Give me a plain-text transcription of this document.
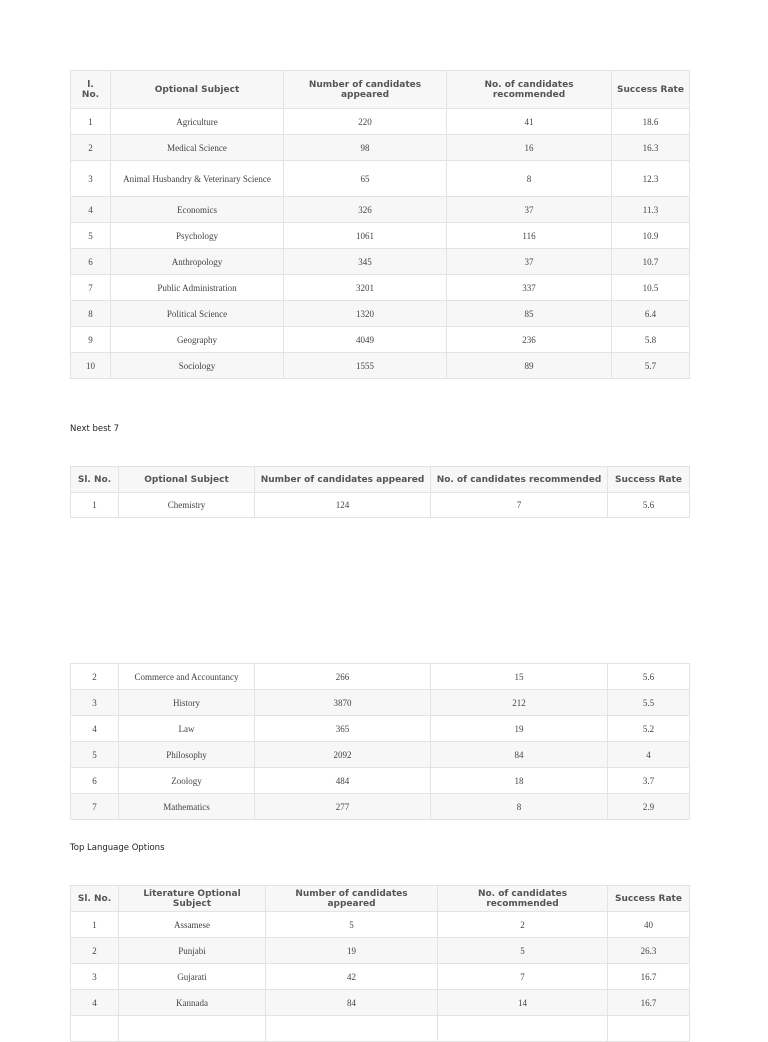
l.
No.	Optional Subject	Number of candidates appeared	No. of candidates recommended	Success Rate
1	Agriculture	220	41	18.6
2	Medical Science	98	16	16.3
3	Animal Husbandry & Veterinary Science	65	8	12.3
4	Economics	326	37	11.3
5	Psychology	1061	116	10.9
6	Anthropology	345	37	10.7
7	Public Administration	3201	337	10.5
8	Political Science	1320	85	6.4
9	Geography	4049	236	5.8
10	Sociology	1555	89	5.7
Next best 7
Sl. No.	Optional Subject	Number of candidates appeared	No. of candidates recommended	Success Rate
1	Chemistry	124	7	5.6
2	Commerce and Accountancy	266	15	5.6
3	History	3870	212	5.5
4	Law	365	19	5.2
5	Philosophy	2092	84	4
6	Zoology	484	18	3.7
7	Mathematics	277	8	2.9
Top Language Options
Sl. No.	Literature Optional Subject	Number of candidates appeared	No. of candidates recommended	Success Rate
1	Assamese	5	2	40
2	Punjabi	19	5	26.3
3	Gujarati	42	7	16.7
4	Kannada	84	14	16.7
